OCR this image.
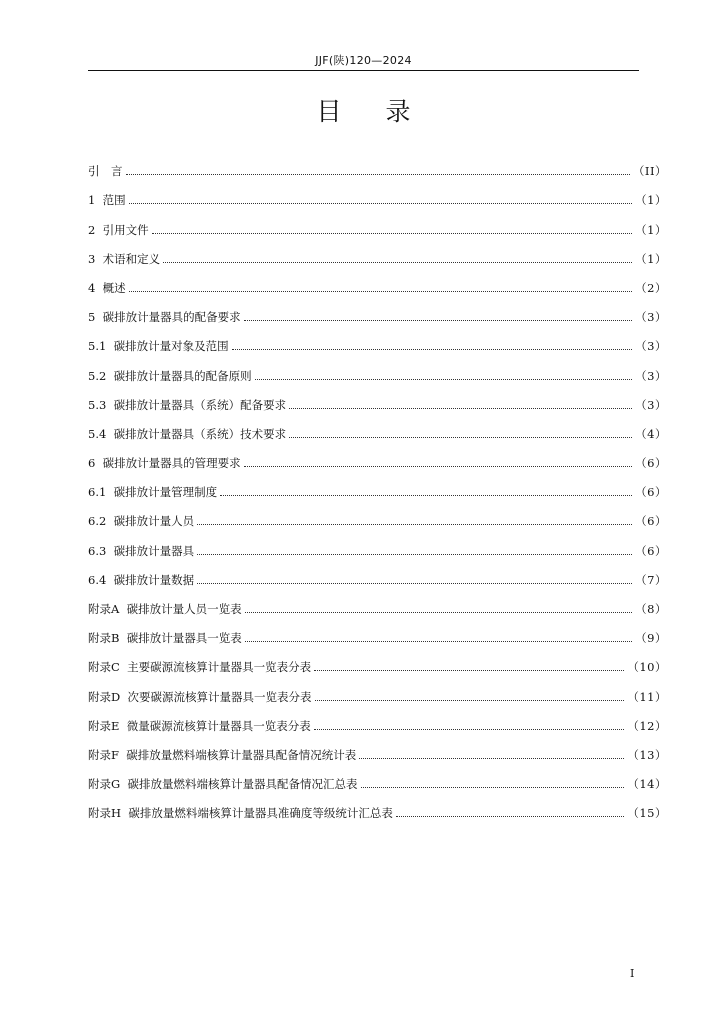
JJF(陕)120—2024
目录
引　言	（II）
1  范围	（1）
2  引用文件	（1）
3  术语和定义	（1）
4  概述	（2）
5  碳排放计量器具的配备要求	（3）
5.1  碳排放计量对象及范围	（3）
5.2  碳排放计量器具的配备原则	（3）
5.3  碳排放计量器具（系统）配备要求	（3）
5.4  碳排放计量器具（系统）技术要求	（4）
6  碳排放计量器具的管理要求	（6）
6.1  碳排放计量管理制度	（6）
6.2  碳排放计量人员	（6）
6.3  碳排放计量器具	（6）
6.4  碳排放计量数据	（7）
附录A  碳排放计量人员一览表	（8）
附录B  碳排放计量器具一览表	（9）
附录C  主要碳源流核算计量器具一览表分表	（10）
附录D  次要碳源流核算计量器具一览表分表	（11）
附录E  微量碳源流核算计量器具一览表分表	（12）
附录F  碳排放量燃料端核算计量器具配备情况统计表	（13）
附录G  碳排放量燃料端核算计量器具配备情况汇总表	（14）
附录H  碳排放量燃料端核算计量器具准确度等级统计汇总表	（15）
I
